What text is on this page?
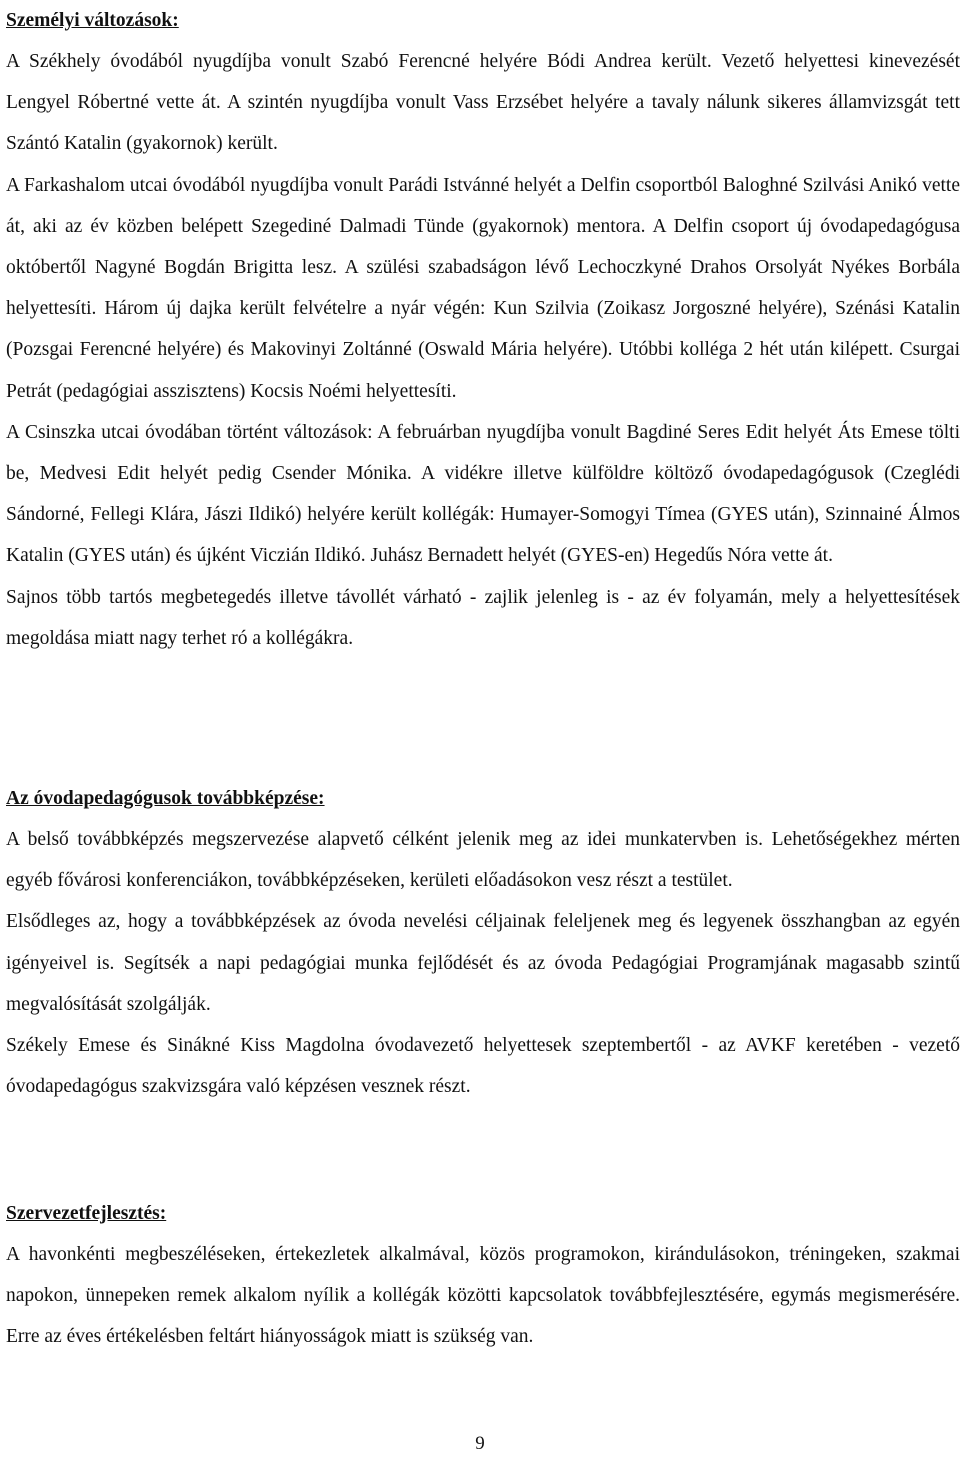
Személyi változások:

A Székhely óvodából nyugdíjba vonult Szabó Ferencné helyére Bódi Andrea került. Vezető helyettesi kinevezését Lengyel Róbertné vette át. A szintén nyugdíjba vonult Vass Erzsébet helyére a tavaly nálunk sikeres államvizsgát tett Szántó Katalin (gyakornok) került.

A Farkashalom utcai óvodából nyugdíjba vonult Parádi Istvánné helyét a Delfin csoportból Baloghné Szilvási Anikó vette át, aki az év közben belépett Szegediné Dalmadi Tünde (gyakornok) mentora. A Delfin csoport új óvodapedagógusa októbertől Nagyné Bogdán Brigitta lesz. A szülési szabadságon lévő Lechoczkyné Drahos Orsolyát Nyékes Borbála helyettesíti. Három új dajka került felvételre a nyár végén: Kun Szilvia (Zoikasz Jorgoszné helyére), Szénási Katalin (Pozsgai Ferencné helyére) és Makovinyi Zoltánné (Oswald Mária helyére). Utóbbi kolléga 2 hét után kilépett. Csurgai Petrát (pedagógiai asszisztens) Kocsis Noémi helyettesíti.

A Csinszka utcai óvodában történt változások: A februárban nyugdíjba vonult Bagdiné Seres Edit helyét Áts Emese tölti be, Medvesi Edit helyét pedig Csender Mónika. A vidékre illetve külföldre költöző óvodapedagógusok (Czeglédi Sándorné, Fellegi Klára, Jászi Ildikó) helyére került kollégák: Humayer-Somogyi Tímea (GYES után), Szinnainé Álmos Katalin (GYES után) és újként Viczián Ildikó. Juhász Bernadett helyét (GYES-en) Hegedűs Nóra vette át.

Sajnos több tartós megbetegedés illetve távollét várható - zajlik jelenleg is - az év folyamán, mely a helyettesítések megoldása miatt nagy terhet ró a kollégákra.

Az óvodapedagógusok továbbképzése:

A belső továbbképzés megszervezése alapvető célként jelenik meg az idei munkatervben is. Lehetőségekhez mérten egyéb fővárosi konferenciákon, továbbképzéseken, kerületi előadásokon vesz részt a testület.

Elsődleges az, hogy a továbbképzések az óvoda nevelési céljainak feleljenek meg és legyenek összhangban az egyén igényeivel is. Segítsék a napi pedagógiai munka fejlődését és az óvoda Pedagógiai Programjának magasabb szintű megvalósítását szolgálják.

Székely Emese és Sinákné Kiss Magdolna óvodavezető helyettesek szeptembertől - az AVKF keretében - vezető óvodapedagógus szakvizsgára való képzésen vesznek részt.

Szervezetfejlesztés:

A havonkénti megbeszéléseken, értekezletek alkalmával, közös programokon, kirándulásokon, tréningeken, szakmai napokon, ünnepeken remek alkalom nyílik a kollégák közötti kapcsolatok továbbfejlesztésére, egymás megismerésére. Erre az éves értékelésben feltárt hiányosságok miatt is szükség van.

9
